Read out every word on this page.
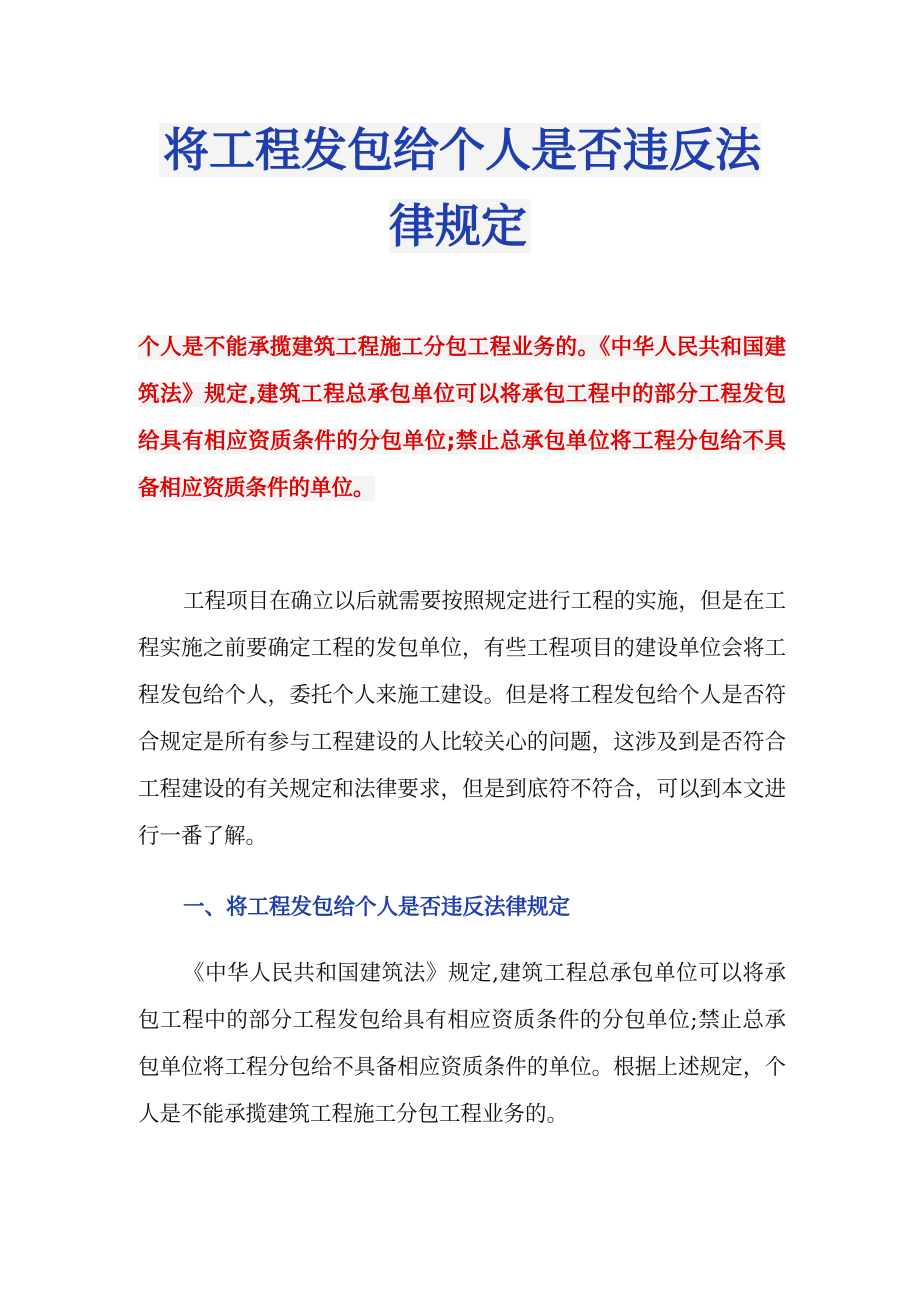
将工程发包给个人是否违反法律规定

个人是不能承揽建筑工程施工分包工程业务的。《中华人民共和国建筑法》规定,建筑工程总承包单位可以将承包工程中的部分工程发包给具有相应资质条件的分包单位;禁止总承包单位将工程分包给不具备相应资质条件的单位。

工程项目在确立以后就需要按照规定进行工程的实施，但是在工程实施之前要确定工程的发包单位，有些工程项目的建设单位会将工程发包给个人，委托个人来施工建设。但是将工程发包给个人是否符合规定是所有参与工程建设的人比较关心的问题，这涉及到是否符合工程建设的有关规定和法律要求，但是到底符不符合，可以到本文进行一番了解。

一、将工程发包给个人是否违反法律规定

《中华人民共和国建筑法》规定,建筑工程总承包单位可以将承包工程中的部分工程发包给具有相应资质条件的分包单位;禁止总承包单位将工程分包给不具备相应资质条件的单位。根据上述规定，个人是不能承揽建筑工程施工分包工程业务的。
